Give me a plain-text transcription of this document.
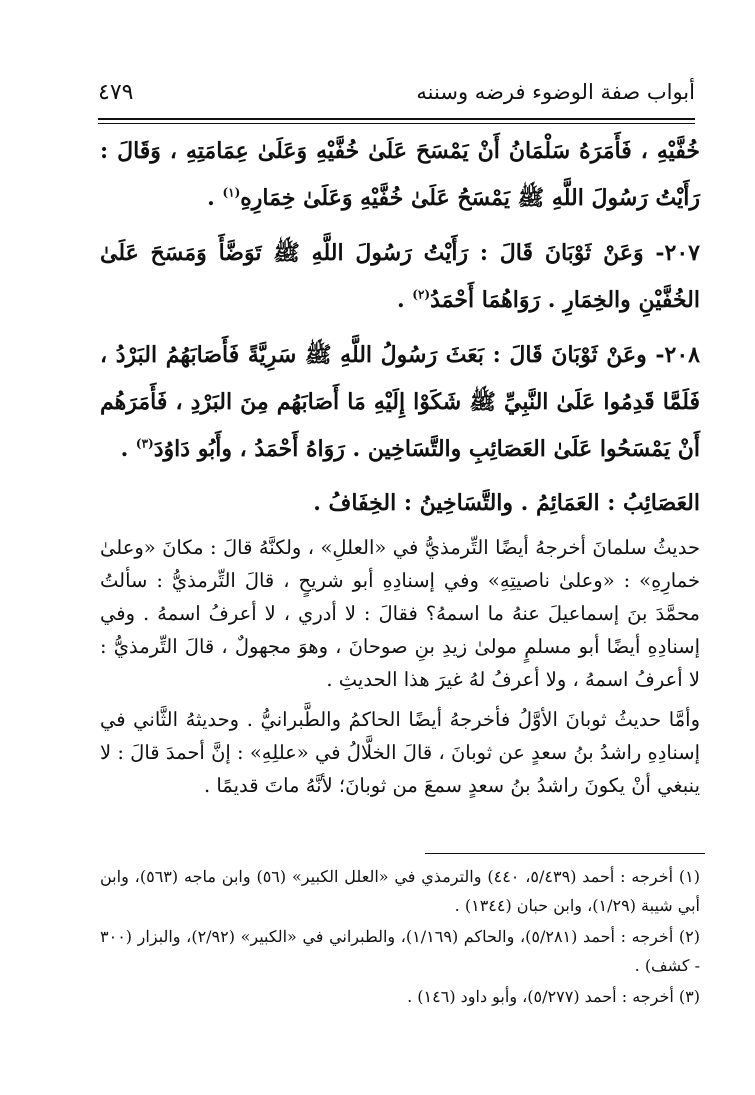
أبواب صفة الوضوء فرضه وسننه
٤٧٩

خُفَّيْهِ ، فَأَمَرَهُ سَلْمَانُ أَنْ يَمْسَحَ عَلَىٰ خُفَّيْهِ وَعَلَىٰ عِمَامَتِهِ ، وَقَالَ : رَأَيْتُ رَسُولَ اللَّهِ ﷺ يَمْسَحُ عَلَىٰ خُفَّيْهِ وَعَلَىٰ خِمَارِهِ$^{(١)}$ .

٢٠٧- وَعَنْ ثَوْبَانَ قَالَ : رَأَيْتُ رَسُولَ اللَّهِ ﷺ تَوَضَّأَ وَمَسَحَ عَلَىٰ الخُفَّيْنِ والخِمَارِ . رَوَاهُمَا أَحْمَدُ$^{(٢)}$ .

٢٠٨- وعَنْ ثَوْبَانَ قَالَ : بَعَثَ رَسُولُ اللَّهِ ﷺ سَرِيَّةً فَأَصَابَهُمُ البَرْدُ ، فَلَمَّا قَدِمُوا عَلَىٰ النَّبِيِّ ﷺ شَكَوْا إِلَيْهِ مَا أَصَابَهُم مِنَ البَرْدِ ، فَأَمَرَهُم أَنْ يَمْسَحُوا عَلَىٰ العَصَائِبِ والتَّسَاخِين . رَوَاهُ أَحْمَدُ ، وأَبُو دَاوُدَ$^{(٣)}$ .

العَصَائِبُ : العَمَائِمُ . والتَّسَاخِينُ : الخِفَافُ .

حديثُ سلمانَ أخرجهُ أيضًا التِّرمذيُّ في «العللِ» ، ولكنَّهُ قالَ : مكانَ «وعلىٰ خمارِهِ» : «وعلىٰ ناصيتِهِ» وفي إسنادِهِ أبو شريحٍ ، قالَ التِّرمذيُّ : سألتُ محمَّدَ بنَ إسماعيلَ عنهُ ما اسمهُ؟ فقالَ : لا أدري ، لا أعرفُ اسمهُ . وفي إسنادِهِ أيضًا أبو مسلمٍ مولىٰ زيدِ بنِ صوحانَ ، وهوَ مجهولٌ ، قالَ التِّرمذيُّ : لا أعرفُ اسمهُ ، ولا أعرفُ لهُ غيرَ هذا الحديثِ .

وأمَّا حديثُ ثوبانَ الأوَّلُ فأخرجهُ أيضًا الحاكمُ والطَّبرانيُّ . وحديثهُ الثَّاني في إسنادِهِ راشدُ بنُ سعدٍ عن ثوبانَ ، قالَ الخلَّالُ في «عللِهِ» : إنَّ أحمدَ قالَ : لا ينبغي أنْ يكونَ راشدُ بنُ سعدٍ سمعَ من ثوبانَ؛ لأنَّهُ ماتَ قديمًا .

(١) أخرجه : أحمد (٥/٤٣٩، ٤٤٠) والترمذي في «العلل الكبير» (٥٦) وابن ماجه (٥٦٣)، وابن أبي شيبة (١/٢٩)، وابن حبان (١٣٤٤) .

(٢) أخرجه : أحمد (٥/٢٨١)، والحاكم (١/١٦٩)، والطبراني في «الكبير» (٢/٩٢)، والبزار (٣٠٠ - كشف) .

(٣) أخرجه : أحمد (٥/٢٧٧)، وأبو داود (١٤٦) .
